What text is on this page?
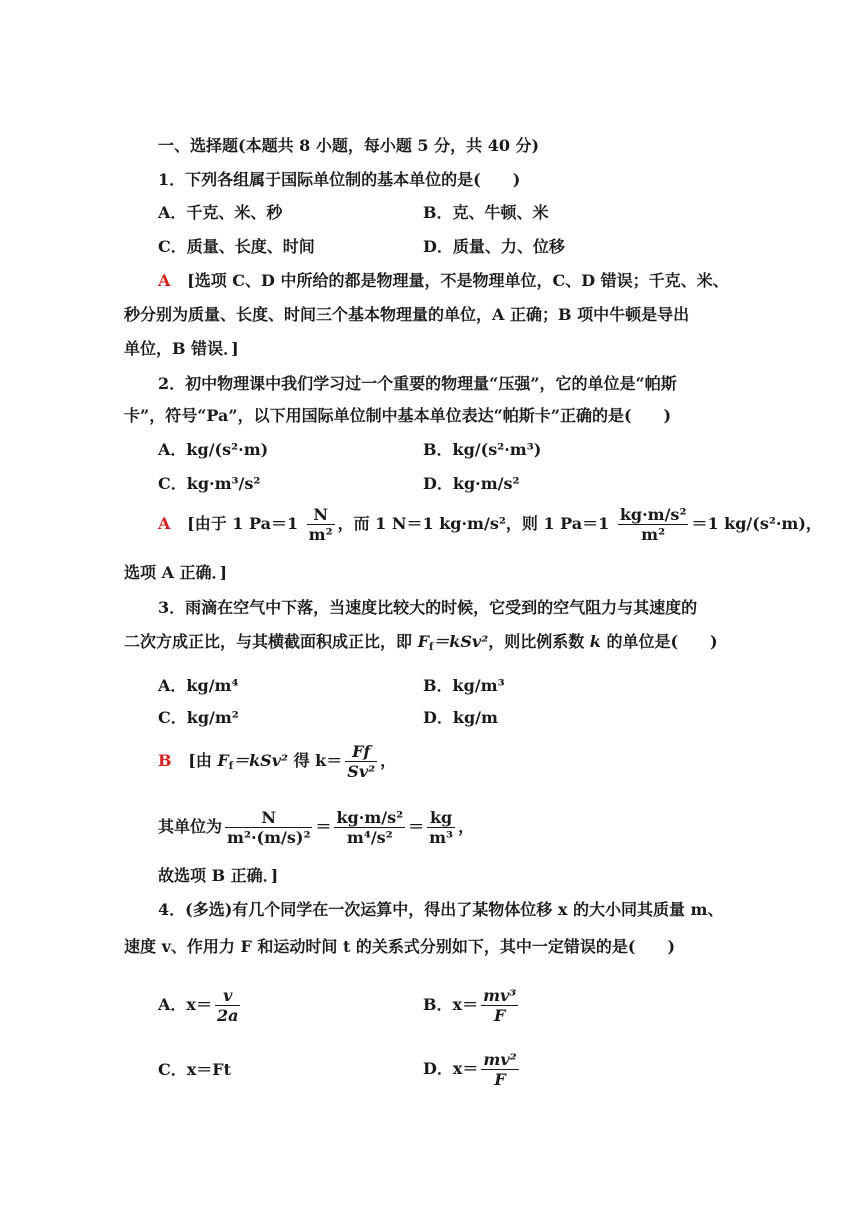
一、选择题(本题共 8 小题，每小题 5 分，共 40 分)
1．下列各组属于国际单位制的基本单位的是(　　)
A．千克、米、秒	B．克、牛顿、米
C．质量、长度、时间	D．质量、力、位移
A [选项 C、D 中所给的都是物理量，不是物理单位，C、D 错误；千克、米、
秒分别为质量、长度、时间三个基本物理量的单位，A 正确；B 项中牛顿是导出
单位，B 错误．]
2．初中物理课中我们学习过一个重要的物理量“压强”，它的单位是“帕斯
卡”，符号“Pa”，以下用国际单位制中基本单位表达“帕斯卡”正确的是(　　)
A．kg/(s²·m)	B．kg/(s²·m³)
C．kg·m³/s²	D．kg·m/s²
A [由于 1 $Pa=1 \frac{N}{\text{m²}}$ ，而 1 N＝1 kg·m/s²，则 1 $Pa=1 \frac{\text{kg·m/s²}}{\text{m²}} =1$ kg/(s²·m)，
选项 A 正确．]
3．雨滴在空气中下落，当速度比较大的时候，它受到的空气阻力与其速度的
二次方成正比，与其横截面积成正比，即 $F_f=kSv^2$，则比例系数 k 的单位是(　　)
A．kg/m⁴	B．kg/m³
C．kg/m²	D．kg/m
B [由 $F_f=kSv^2$ 得 $k= \frac{Ff}{\text{Sv²}}$ ，
其单位为 $\frac{N}{\text{m²·(m/s)²}} = \frac{\text{kg·m/s²}}{\text{m⁴/s²}} = \frac{kg}{\text{m³}}$ ，
故选项 B 正确．]
4．(多选)有几个同学在一次运算中，得出了某物体位移 x 的大小同其质量 m、
速度 v、作用力 F 和运动时间 t 的关系式分别如下，其中一定错误的是(　　)
A．$x= \frac{v}{2a}$	B．$x= \frac{\text{mv³}}{F}$
C．x＝Ft	D．$x= \frac{\text{mv²}}{F}$
